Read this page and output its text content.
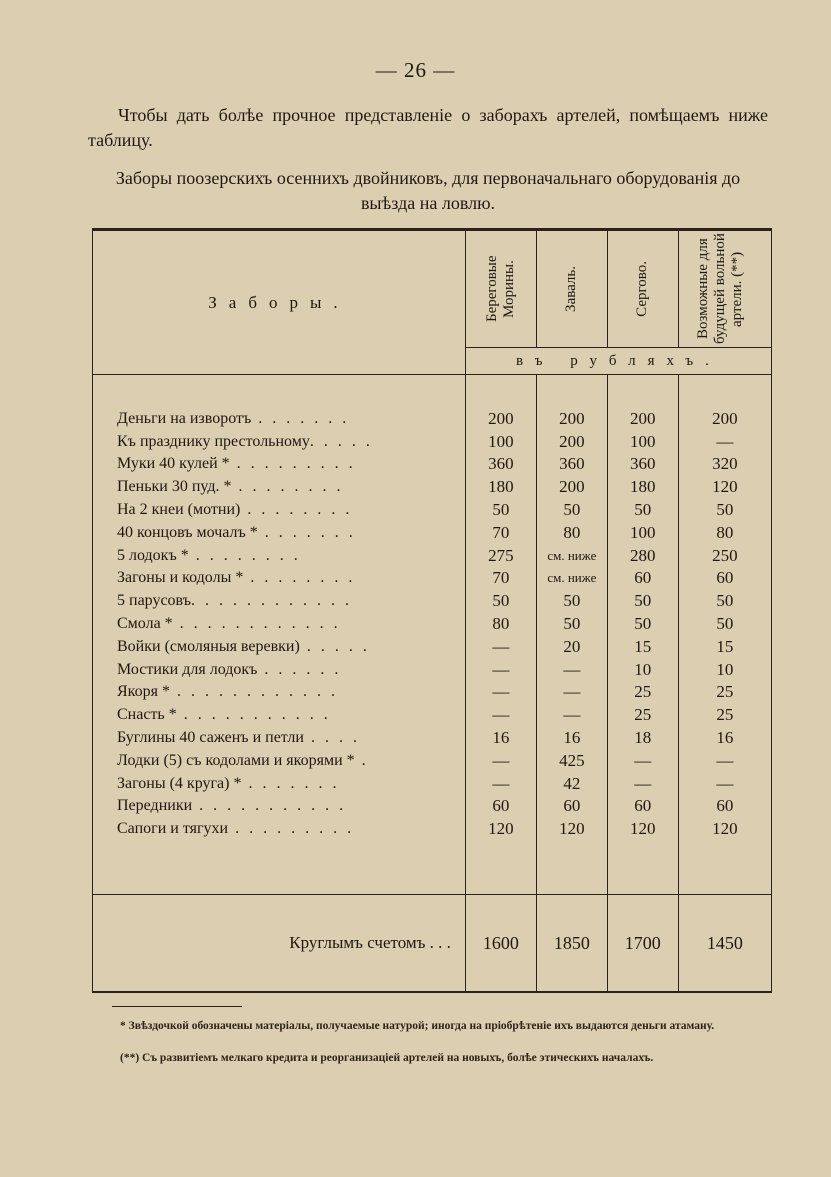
— 26 —
Чтобы дать болѣе прочное представленіе о заборахъ артелей, помѣщаемъ ниже таблицу.
Заборы поозерскихъ осеннихъ двойниковъ, для первоначальнаго оборудованія до выѣзда на ловлю.
Заборы.	Береговые Морины.	Заваль.	Сергово.	Возможные для будущей вольной артели. (**)

	въ рубляхъ.			

Деньги на изворотъ . . . . . . .	200	200	200	200
Къ празднику престольному. . . . .	100	200	100	—
Муки 40 кулей * . . . . . . . . .	360	360	360	320
Пеньки 30 пуд. * . . . . . . . .	180	200	180	120
На 2 кнеи (мотни) . . . . . . . .	50	50	50	50
40 концовъ мочалъ * . . . . . . .	70	80	100	80
5 лодокъ * . . . . . . . .	275	см. ниже	280	250
Загоны и кодолы * . . . . . . . .	70	см. ниже	60	60
5 парусовъ. . . . . . . . . . . .	50	50	50	50
Смола * . . . . . . . . . . . .	80	50	50	50
Войки (смоляныя веревки) . . . . .	—	20	15	15
Мостики для лодокъ . . . . . .	—	—	10	10
Якоря * . . . . . . . . . . . .	—	—	25	25
Снасть * . . . . . . . . . . .	—	—	25	25
Буглины 40 саженъ и петли . . . .	16	16	18	16
Лодки (5) съ кодолами и якорями * .	—	425	—	—
Загоны (4 круга) * . . . . . . .	—	42	—	—
Передники . . . . . . . . . . .	60	60	60	60
Сапоги и тягухи . . . . . . . . .	120	120	120	120

Круглымъ счетомъ . . .	1600	1850	1700	1450
* Звѣздочкой обозначены матеріалы, получаемые натурой; иногда на пріобрѣтеніе ихъ выдаются деньги атаману.
(**) Съ развитіемъ мелкаго кредита и реорганизаціей артелей на новыхъ, болѣе этическихъ началахъ.
